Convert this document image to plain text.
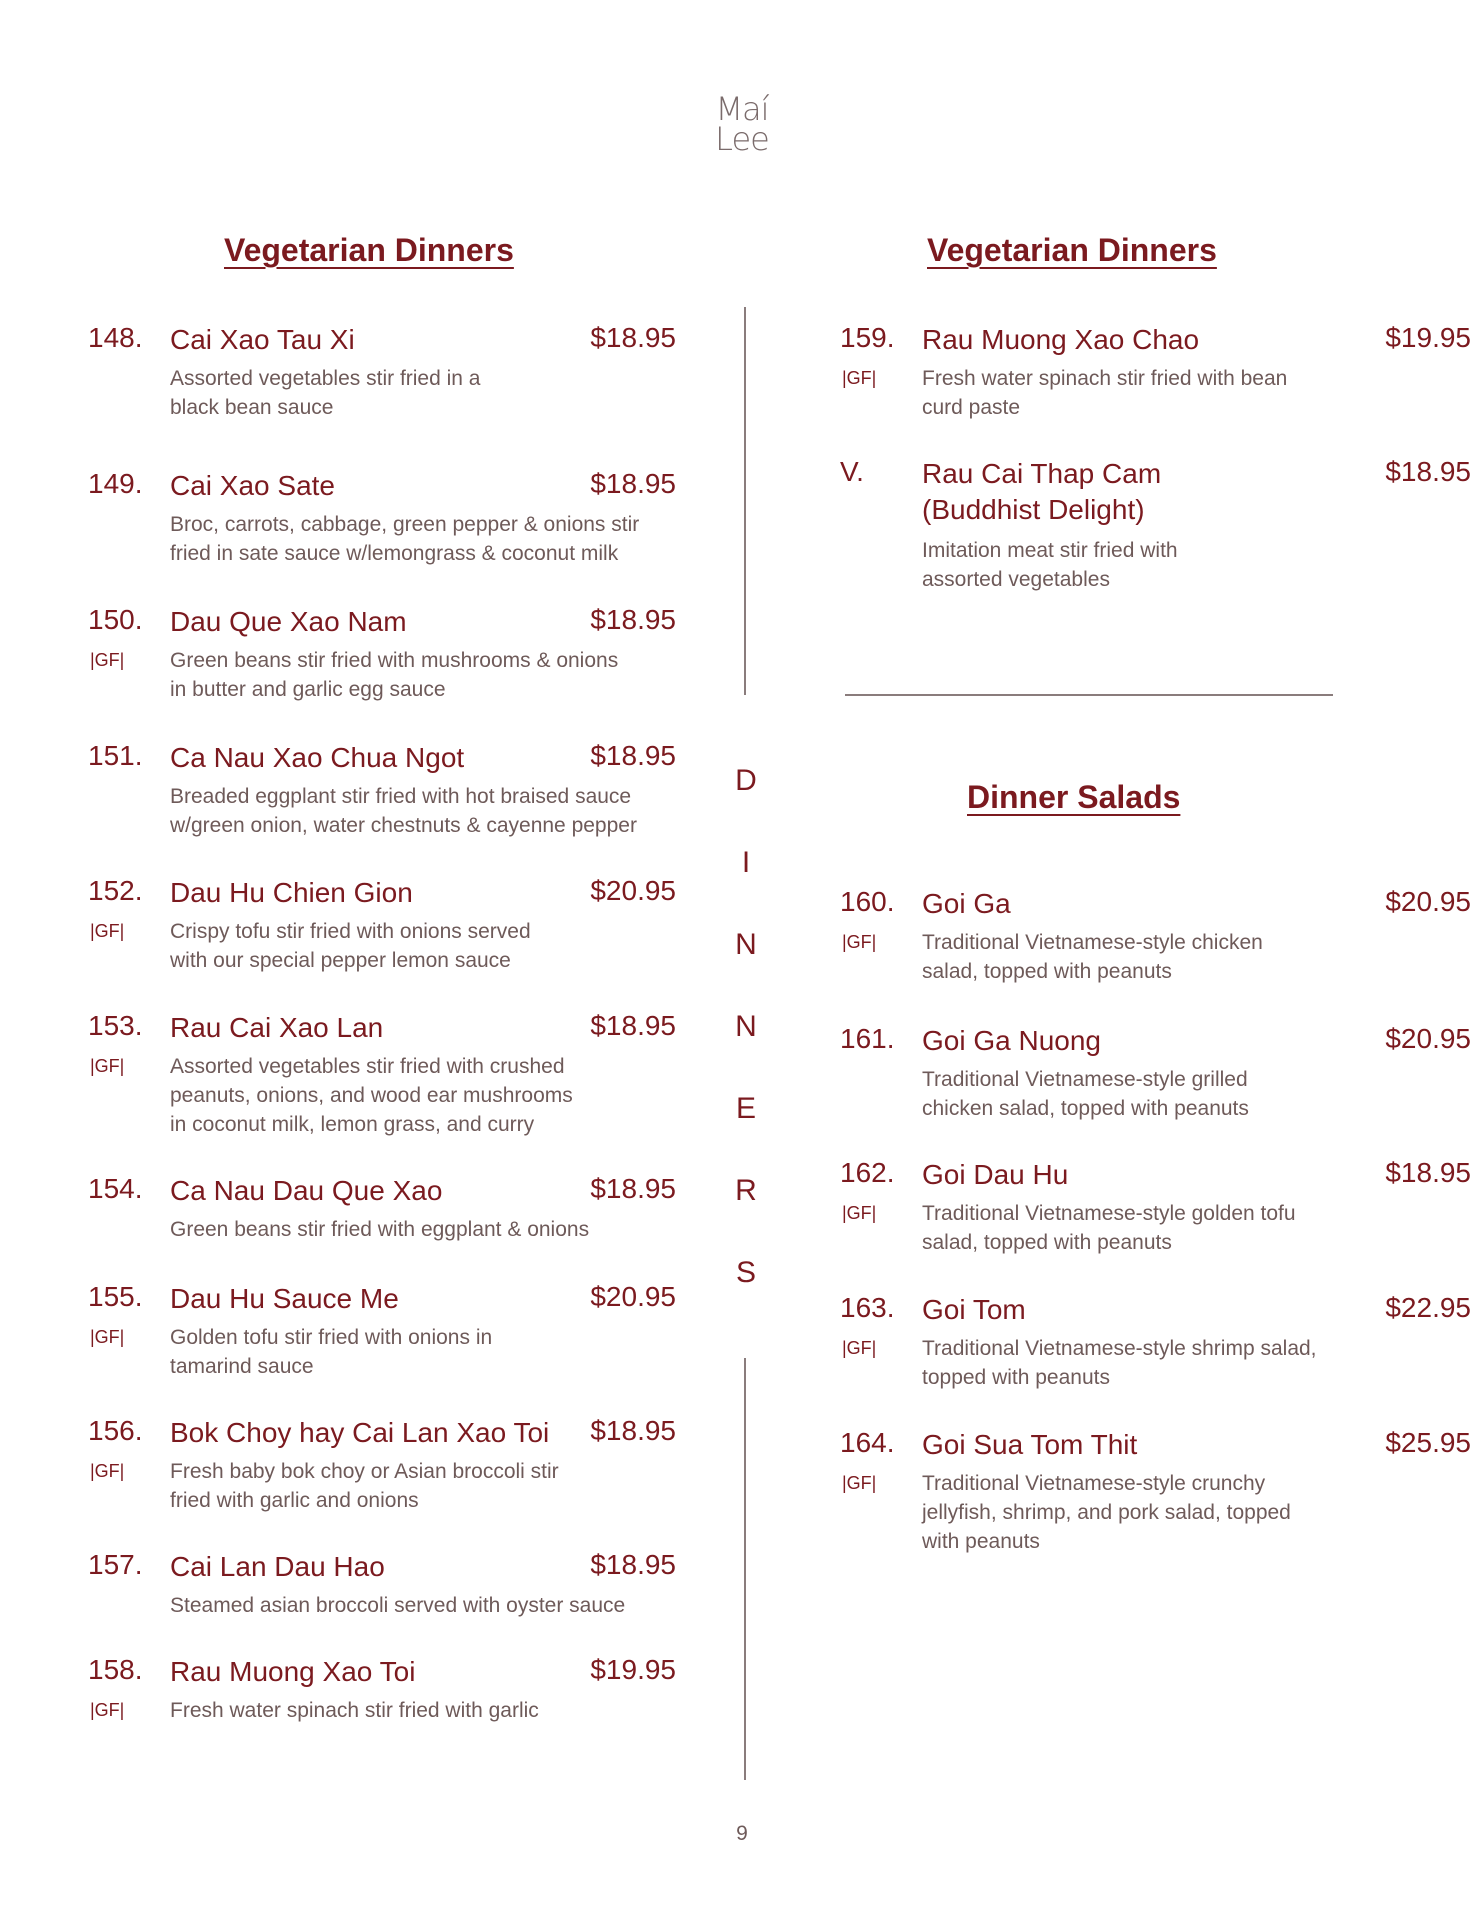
Maí
Lee
Vegetarian Dinners	Vegetarian Dinners
Dinner Salads
148. Cai Xao Tau Xi	$18.95
Assorted vegetables stir fried in a
black bean sauce
149. Cai Xao Sate	$18.95
Broc, carrots, cabbage, green pepper & onions stir
fried in sate sauce w/lemongrass & coconut milk
150. Dau Que Xao Nam	$18.95
|GF| Green beans stir fried with mushrooms & onions
in butter and garlic egg sauce
151. Ca Nau Xao Chua Ngot	$18.95
Breaded eggplant stir fried with hot braised sauce
w/green onion, water chestnuts & cayenne pepper
152. Dau Hu Chien Gion	$20.95
|GF| Crispy tofu stir fried with onions served
with our special pepper lemon sauce
153. Rau Cai Xao Lan	$18.95
|GF| Assorted vegetables stir fried with crushed
peanuts, onions, and wood ear mushrooms
in coconut milk, lemon grass, and curry
154. Ca Nau Dau Que Xao	$18.95
Green beans stir fried with eggplant & onions
155. Dau Hu Sauce Me	$20.95
|GF| Golden tofu stir fried with onions in
tamarind sauce
156. Bok Choy hay Cai Lan Xao Toi	$18.95
|GF| Fresh baby bok choy or Asian broccoli stir
fried with garlic and onions
157. Cai Lan Dau Hao	$18.95
Steamed asian broccoli served with oyster sauce
158. Rau Muong Xao Toi	$19.95
|GF| Fresh water spinach stir fried with garlic
159. Rau Muong Xao Chao	$19.95
|GF| Fresh water spinach stir fried with bean
curd paste
V.	Rau Cai Thap Cam
(Buddhist Delight)
$18.95
Imitation meat stir fried with
assorted vegetables
160. Goi Ga	$20.95
|GF| Traditional Vietnamese-style chicken
salad, topped with peanuts
161. Goi Ga Nuong	$20.95
Traditional Vietnamese-style grilled
chicken salad, topped with peanuts
162. Goi Dau Hu	$18.95
|GF| Traditional Vietnamese-style golden tofu
salad, topped with peanuts
163. Goi Tom	$22.95
|GF| Traditional Vietnamese-style shrimp salad,
topped with peanuts
164. Goi Sua Tom Thit	$25.95
|GF| Traditional Vietnamese-style crunchy
jellyfish, shrimp, and pork salad, topped
with peanuts
D
I
N
N
E
R
S
9
